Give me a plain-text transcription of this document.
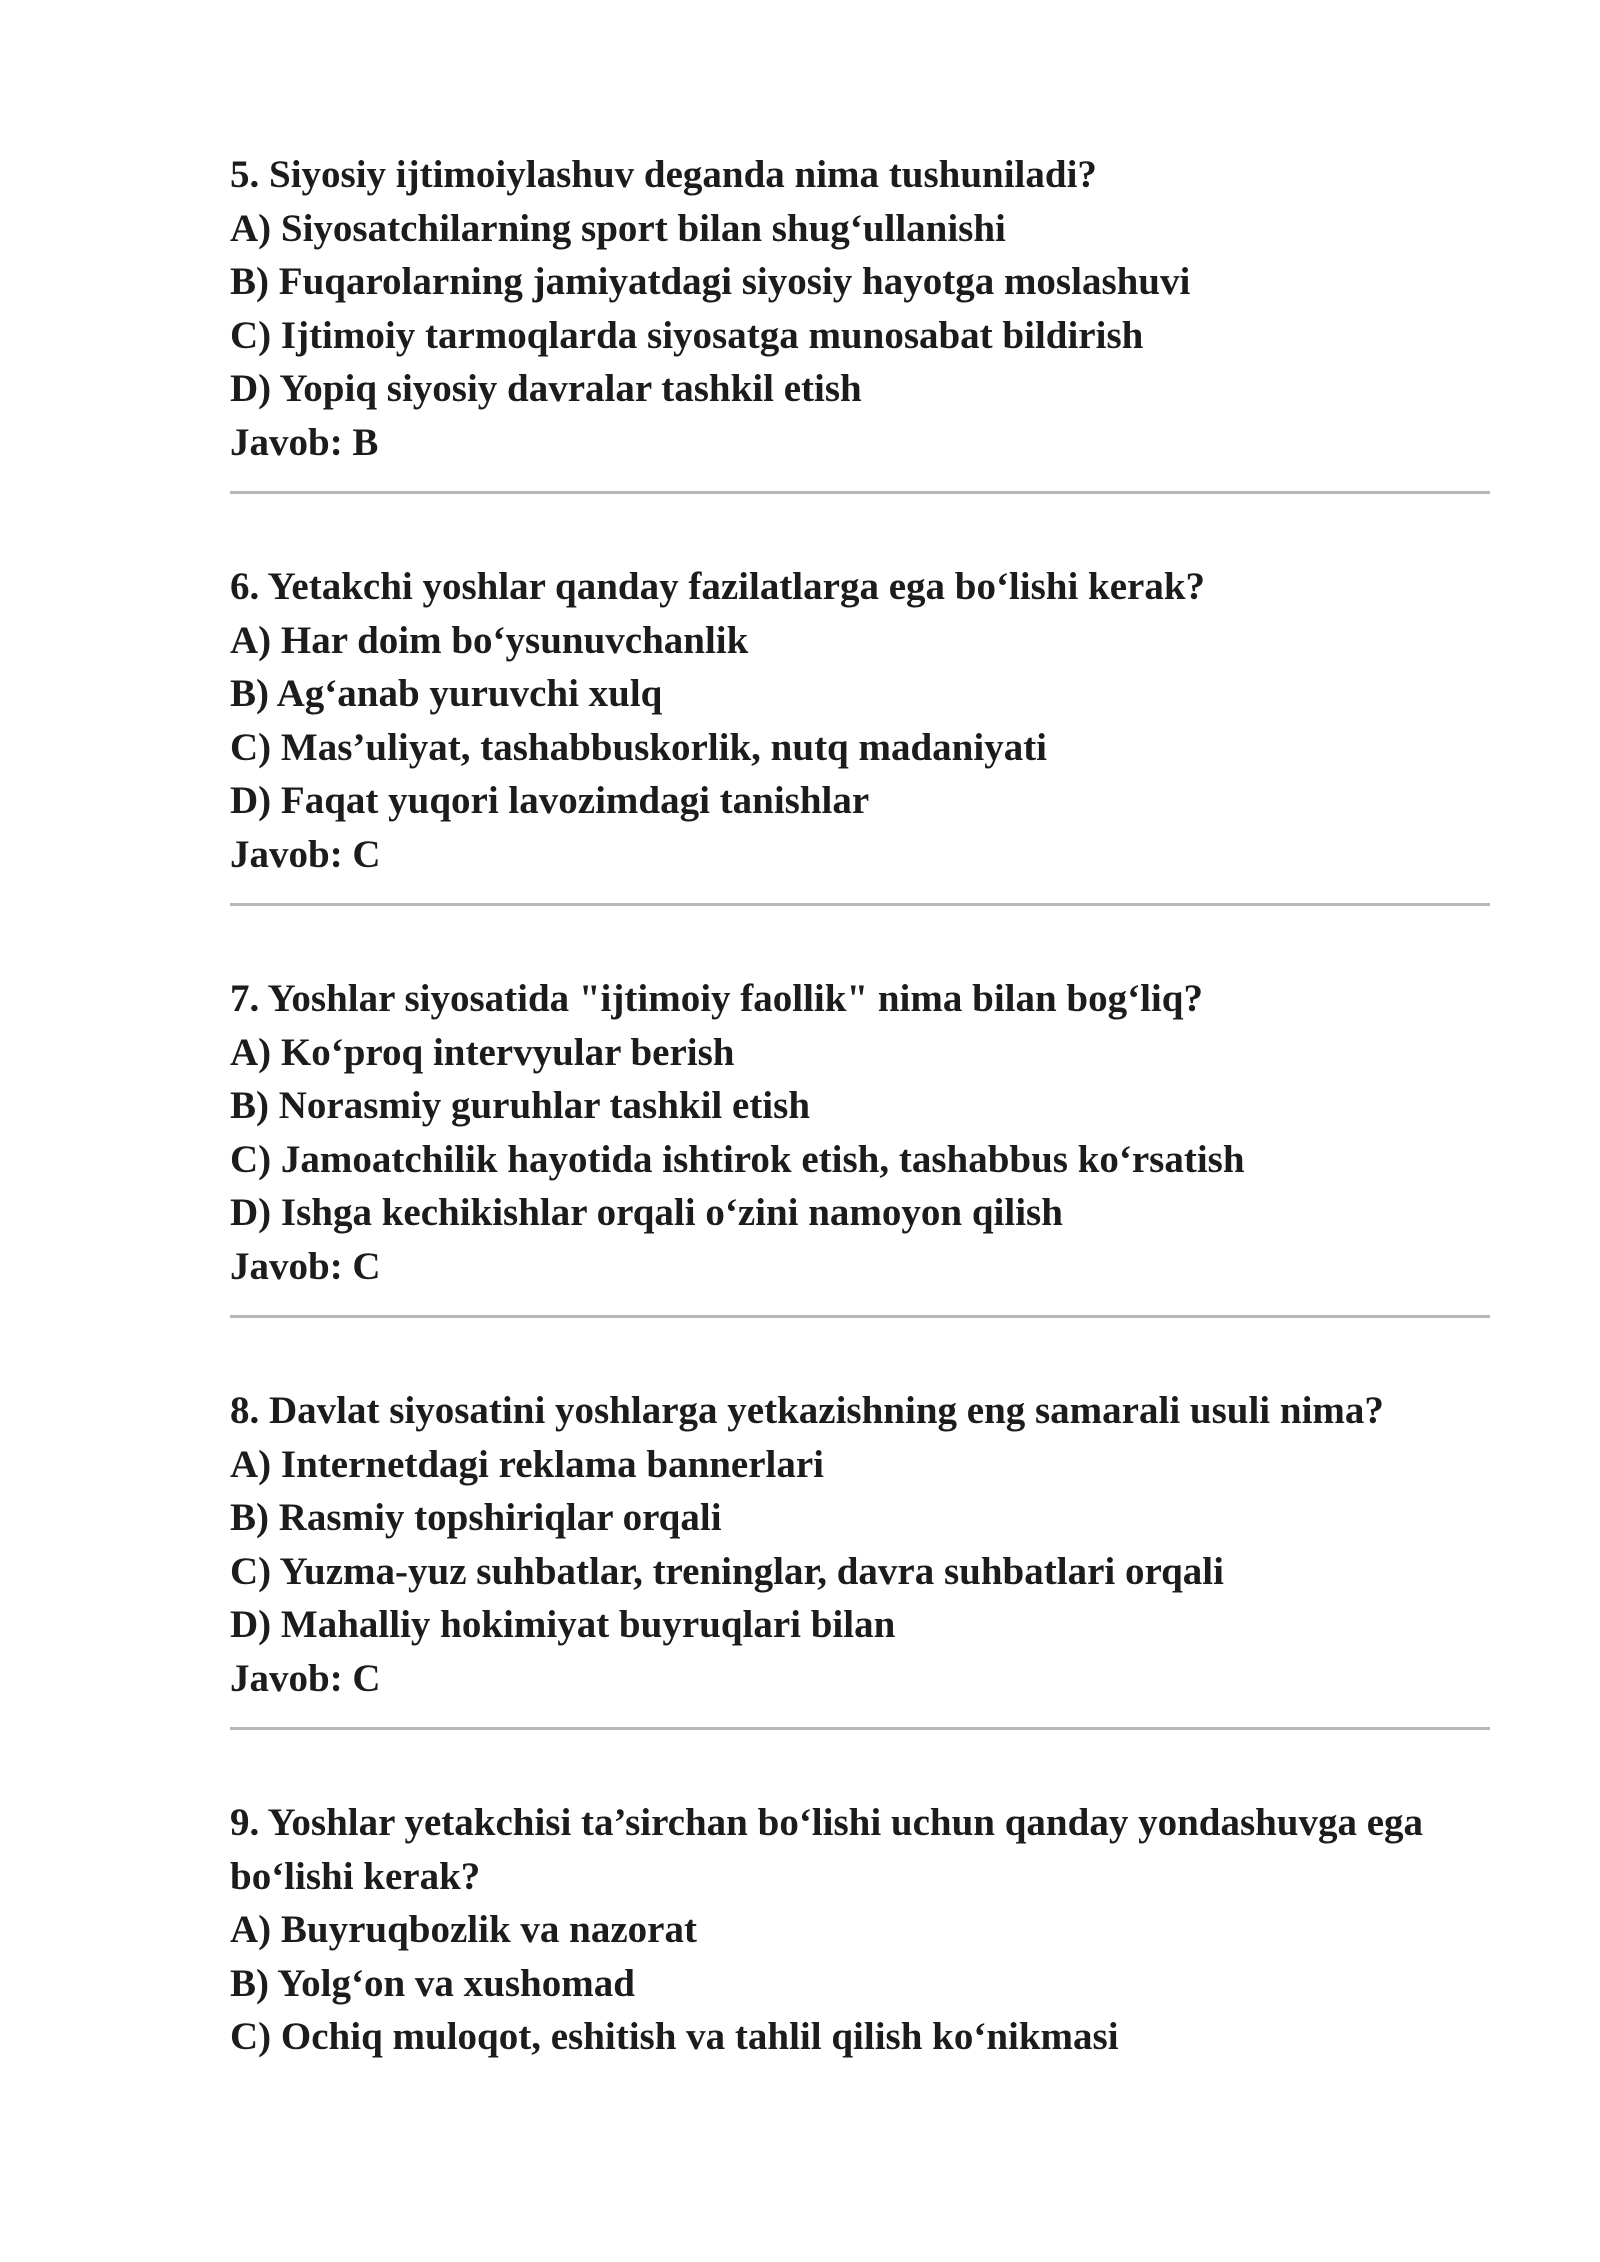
5. Siyosiy ijtimoiylashuv deganda nima tushuniladi?
A) Siyosatchilarning sport bilan shug‘ullanishi
B) Fuqarolarning jamiyatdagi siyosiy hayotga moslashuvi
C) Ijtimoiy tarmoqlarda siyosatga munosabat bildirish
D) Yopiq siyosiy davralar tashkil etish
Javob: B
6. Yetakchi yoshlar qanday fazilatlarga ega bo‘lishi kerak?
A) Har doim bo‘ysunuvchanlik
B) Ag‘anab yuruvchi xulq
C) Mas’uliyat, tashabbuskorlik, nutq madaniyati
D) Faqat yuqori lavozimdagi tanishlar
Javob: C
7. Yoshlar siyosatida "ijtimoiy faollik" nima bilan bog‘liq?
A) Ko‘proq intervyular berish
B) Norasmiy guruhlar tashkil etish
C) Jamoatchilik hayotida ishtirok etish, tashabbus ko‘rsatish
D) Ishga kechikishlar orqali o‘zini namoyon qilish
Javob: C
8. Davlat siyosatini yoshlarga yetkazishning eng samarali usuli nima?
A) Internetdagi reklama bannerlari
B) Rasmiy topshiriqlar orqali
C) Yuzma-yuz suhbatlar, treninglar, davra suhbatlari orqali
D) Mahalliy hokimiyat buyruqlari bilan
Javob: C
9. Yoshlar yetakchisi ta’sirchan bo‘lishi uchun qanday yondashuvga ega bo‘lishi kerak?
A) Buyruqbozlik va nazorat
B) Yolg‘on va xushomad
C) Ochiq muloqot, eshitish va tahlil qilish ko‘nikmasi
